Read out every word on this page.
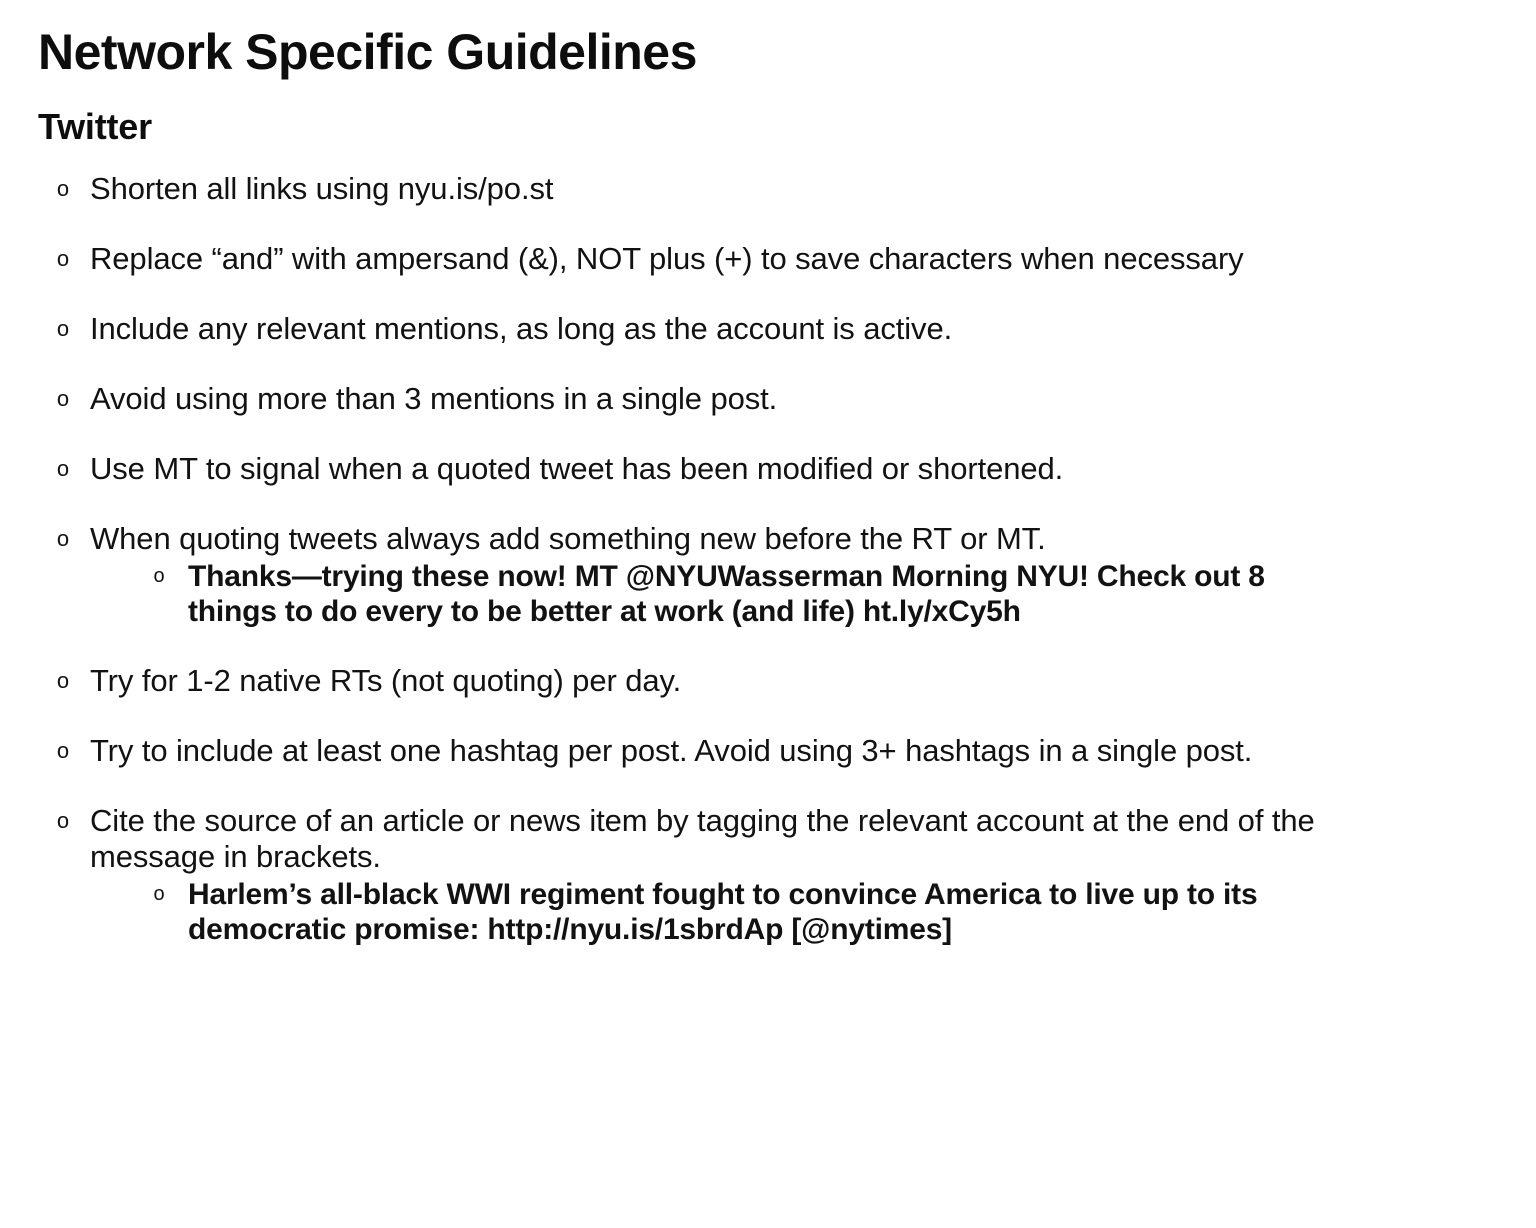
Network Specific Guidelines
Twitter
o Shorten all links using nyu.is/po.st
o Replace “and” with ampersand (&), NOT plus (+) to save characters when necessary
o Include any relevant mentions, as long as the account is active.
o Avoid using more than 3 mentions in a single post.
o Use MT to signal when a quoted tweet has been modified or shortened.
o When quoting tweets always add something new before the RT or MT.
o Thanks—trying these now! MT @NYUWasserman Morning NYU! Check out 8 things to do every to be better at work (and life) ht.ly/xCy5h
o Try for 1-2 native RTs (not quoting) per day.
o Try to include at least one hashtag per post. Avoid using 3+ hashtags in a single post.
o Cite the source of an article or news item by tagging the relevant account at the end of the message in brackets.
o Harlem’s all-black WWI regiment fought to convince America to live up to its democratic promise: http://nyu.is/1sbrdAp [@nytimes]
